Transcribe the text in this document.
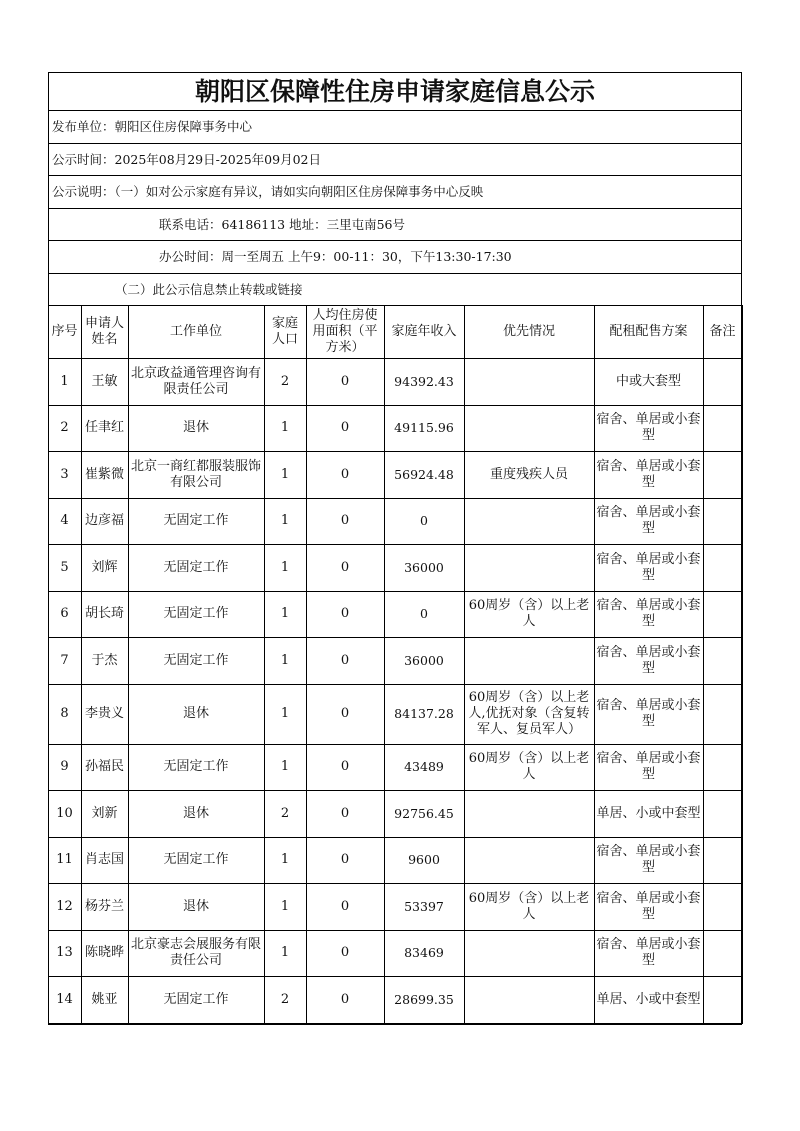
朝阳区保障性住房申请家庭信息公示
发布单位：朝阳区住房保障事务中心
公示时间：2025年08月29日-2025年09月02日
公示说明：（一）如对公示家庭有异议，请如实向朝阳区住房保障事务中心反映
联系电话：64186113 地址：三里屯南56号
办公时间：周一至周五 上午9：00-11：30，下午13:30-17:30
（二）此公示信息禁止转载或链接
序号	申请人姓名	工作单位	家庭人口	人均住房使用面积（平方米）	家庭年收入	优先情况	配租配售方案	备注
1	王敏	北京政益通管理咨询有限责任公司	2	0	94392.43		中或大套型	
2	任聿红	退休	1	0	49115.96		宿舍、单居或小套型	
3	崔紫微	北京一商红都服装服饰有限公司	1	0	56924.48	重度残疾人员	宿舍、单居或小套型	
4	边彦福	无固定工作	1	0	0		宿舍、单居或小套型	
5	刘辉	无固定工作	1	0	36000		宿舍、单居或小套型	
6	胡长琦	无固定工作	1	0	0	60周岁（含）以上老人	宿舍、单居或小套型	
7	于杰	无固定工作	1	0	36000		宿舍、单居或小套型	
8	李贵义	退休	1	0	84137.28	60周岁（含）以上老人,优抚对象（含复转军人、复员军人）	宿舍、单居或小套型	
9	孙福民	无固定工作	1	0	43489	60周岁（含）以上老人	宿舍、单居或小套型	
10	刘新	退休	2	0	92756.45		单居、小或中套型	
11	肖志国	无固定工作	1	0	9600		宿舍、单居或小套型	
12	杨芬兰	退休	1	0	53397	60周岁（含）以上老人	宿舍、单居或小套型	
13	陈晓晔	北京豪志会展服务有限责任公司	1	0	83469		宿舍、单居或小套型	
14	姚亚	无固定工作	2	0	28699.35		单居、小或中套型	
